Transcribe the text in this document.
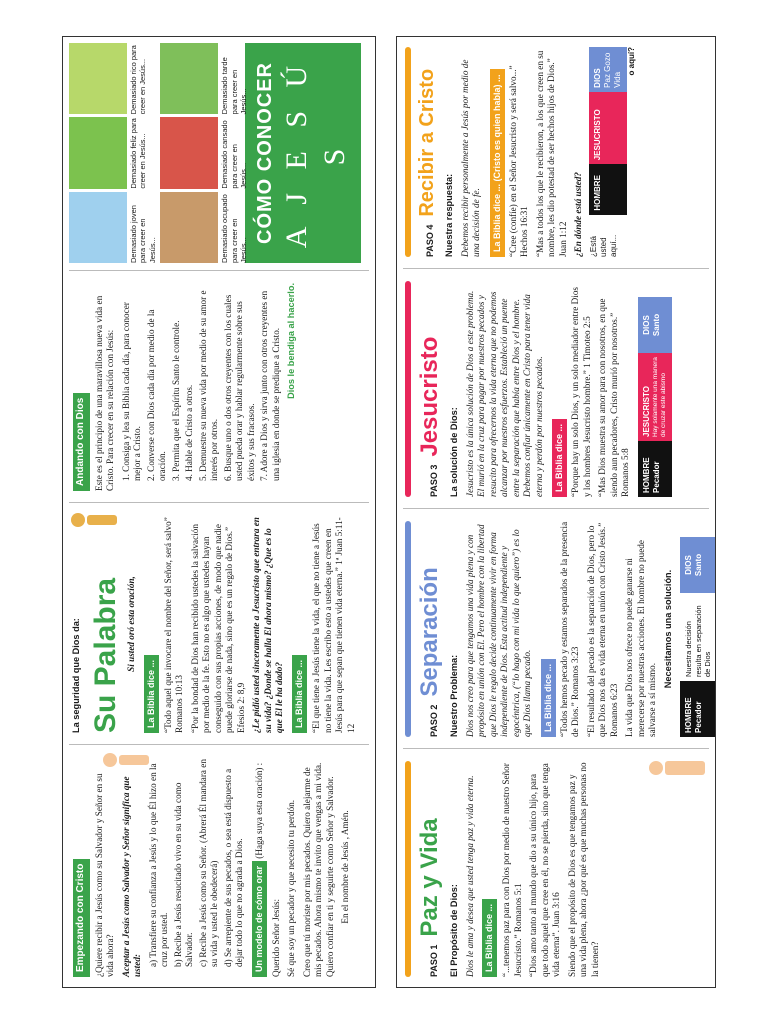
Empezando con Cristo ¿Quiere recibir a Jesús como su Salvador y Señor en su vida ahora? Aceptar a Jesús como Salvador y Señor significa que usted: a) Transfiere su confianza a Jesús y lo que Él hizo en la cruz por usted. b) Recibe a Jesús resucitado vivo en su vida como Salvador. c) Recibe a Jesús como su Señor. (Abrerá Él mandara en su vida y usted le obedecerá) d) Se arrepiente de sus pecados, o sea está dispuesto a dejar todo lo que no agrada a Dios.	Un modelo de cómo orar (Haga suya esta oración) :

Querido Señor Jesús: Sé que soy un pecador y que necesito tu perdón. Creo que tú moriste por mis pecados. Quiero alejarme de mis pecados. Ahora mismo te invito que vengas a mi vida. Quiero confiar en ti y seguirte como Señor y Salvador. En el nombre de Jesús , Amén.

La seguridad que Dios da: Su Palabra Si usted oró esta oración,

La Biblia dice ... “Todo aquel que invocare el nombre del Señor, será salvo” Romanos 10:13 “Por la bondad de Dios han recibido ustedes la salvación por medio de la fe. Esto no es algo que ustedes hayan conseguido con sus propias acciones, de modo que nadie puede gloriarse de nada, sino que es un regalo de Dios.” Efesios 2: 8,9 ¿Le pidió usted sinceramente a Jesucristo que entrara en su vida? ¿Donde se halla El ahora mismo? ¿Que es lo que El le ha dado? La Biblia dice ... “El que tiene a Jesús tiene la vida, el que no tiene a Jesús no tiene la vida. Les escribo esto a ustedes que creen en Jesús para que sepan que tienen vida eterna.” 1ª Juan 5:11-12

Andando con Dios Este es el principio de una maravillosa nueva vida en Cristo. Para crecer en su relación con Jesús: 1. Consiga y lea su Biblia cada día, para conocer mejor a Cristo. 2. Converse con Dios cada día por medio de la oración. 3. Permita que el Espíritu Santo le controle. 4. Hable de Cristo a otros. 5. Demuestre su nueva vida por medio de su amor e interés por otros. 6. Busque uno o dos otros creyentes con los cuales usted pueda orar y hablar regularmente sobre sus éxitos y sus fracasos. 7. Adore a Dios y sirva junto con otros creyentes en una iglesia en donde se predique a Cristo. Dios le bendiga al hacerlo.

Demasiado joven para creer en Jesús...
Demasiado feliz para creer en Jesús...
Demasiado rico para creer en Jesús...
Demasiado ocupado para creer en Jesús...
Demasiado cansado para creer en Jesús...
Demasiado tarde para creer en Jesús... CÓMO CONOCER A J E S Ú S
PASO 1
Paz y Vida El Propósito de Dios: Dios le ama y desea que usted tenga paz y vida eterna. La Biblia dice ... “...tenemos paz para con Dios por medio de nuestro Señor Jesucristo.” Romanos 5:1 “Dios amo tanto al mundo que dio a su único hijo, para que todo aquel que cree en él, no se pierda, sino que tenga vida eterna”. Juan 3:16 Siendo que el propósito de Dios es que tengamos paz y una vida plena, ahora ¿por qué es que muchas personas no la tienen?

PASO 2
Separación Nuestro Problema: Dios nos creo para que tengamos una vida plena y con propósito en unión con El. Pero el hombre con la libertad que Dios le regalo decide continuamente vivir en forma independiente de Dios. Esta actitud independiente y egocéntrica, (“lo hago con mi vida lo que quiero”) es lo que Dios llama pecado. La Biblia dice ... “Todos hemos pecado y estamos separados de la presencia de Dios.” Romanos 3:23 “El resultado del pecado es la separación de Dios, pero lo que Dios nos da es vida eterna en unión con Cristo Jesús.” Romanos 6:23 La vida que Dios nos ofrece no puede ganarse ni merecerse por nuestras acciones. El hombre no puede salvarse a sí mismo.

Necesitamos una solución.

HOMBRE Pecador
Nuestra decisión resulta en separación de Dios
DIOS Santo
PASO 3
Jesucristo La solución de Dios: Jesucristo es la única solución de Dios a este problema. El murió en la cruz para pagar por nuestros pecados y resucito para ofrecernos la vida eterna que no podemos alcanzar por nuestros esfuerzos. Estableció un puente entre la separación que había entre Dios y el hombre. Debemos confiar únicamente en Cristo para tener vida eterna y perdón por nuestros pecados. La Biblia dice ... “Porque hay un solo Dios, y un solo mediador entre Dios y los hombres Jesucristo hombre.” 1 Timoteo 2:5 “Mas Dios muestra su amor para con nosotros, en que siendo aun pecadores, Cristo murió por nosotros.” Romanos 5:8 HOMBRE Pecador
JESUCRISTO Hay solamente una manera de cruzar este abismo
DIOS Santo
PASO 4
Recibir a Cristo Nuestra respuesta: Debemos recibir personalmente a Jesús por medio de una decisión de fe. La Biblia dice ... (Cristo es quien habla) ... “Cree (confíe) en el Señor Jesucristo y será salvo...” Hechos 16:31 “Mas a todos los que le recibieron, a los que creen en su nombre, les dio potestad de ser hechos hijos de Dios.” Juan 1:12 ¿En dónde está usted? ¿Está usted aquí...
HOMBRE
JESUCRISTO
DIOS Paz Gozo Vida
o aquí?
